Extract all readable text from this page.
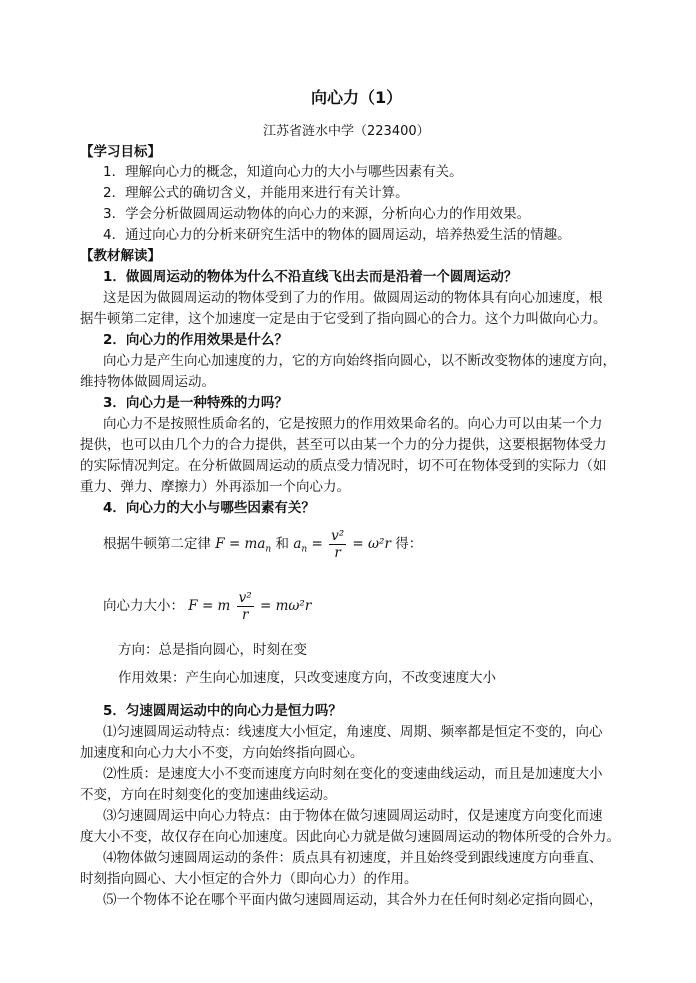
向心力（1）
江苏省涟水中学（223400）
【学习目标】
1．理解向心力的概念，知道向心力的大小与哪些因素有关。
2．理解公式的确切含义，并能用来进行有关计算。
3．学会分析做圆周运动物体的向心力的来源，分析向心力的作用效果。
4．通过向心力的分析来研究生活中的物体的圆周运动，培养热爱生活的情趣。
【教材解读】
1．做圆周运动的物体为什么不沿直线飞出去而是沿着一个圆周运动？
这是因为做圆周运动的物体受到了力的作用。做圆周运动的物体具有向心加速度，根
据牛顿第二定律，这个加速度一定是由于它受到了指向圆心的合力。这个力叫做向心力。
2．向心力的作用效果是什么？
向心力是产生向心加速度的力，它的方向始终指向圆心，以不断改变物体的速度方向，
维持物体做圆周运动。
3．向心力是一种特殊的力吗？
向心力不是按照性质命名的，它是按照力的作用效果命名的。向心力可以由某一个力
提供，也可以由几个力的合力提供，甚至可以由某一个力的分力提供，这要根据物体受力
的实际情况判定。在分析做圆周运动的质点受力情况时，切不可在物体受到的实际力（如
重力、弹力、摩擦力）外再添加一个向心力。
4．向心力的大小与哪些因素有关？
根据牛顿第二定律 $F = ma_n$ 和 $a_n = \frac{\text{v²}}{r} = \omega^2r$ 得：
向心力大小： F = m $\frac{\text{v²}}{r} = m\omega^2r$
方向：总是指向圆心，时刻在变
作用效果：产生向心加速度，只改变速度方向，不改变速度大小
5．匀速圆周运动中的向心力是恒力吗？
⑴匀速圆周运动特点：线速度大小恒定，角速度、周期、频率都是恒定不变的，向心
加速度和向心力大小不变，方向始终指向圆心。
⑵性质：是速度大小不变而速度方向时刻在变化的变速曲线运动，而且是加速度大小
不变，方向在时刻变化的变加速曲线运动。
⑶匀速圆周运中向心力特点：由于物体在做匀速圆周运动时，仅是速度方向变化而速
度大小不变，故仅存在向心加速度。因此向心力就是做匀速圆周运动的物体所受的合外力。
⑷物体做匀速圆周运动的条件：质点具有初速度，并且始终受到跟线速度方向垂直、
时刻指向圆心、大小恒定的合外力（即向心力）的作用。
⑸一个物体不论在哪个平面内做匀速圆周运动，其合外力在任何时刻必定指向圆心，
